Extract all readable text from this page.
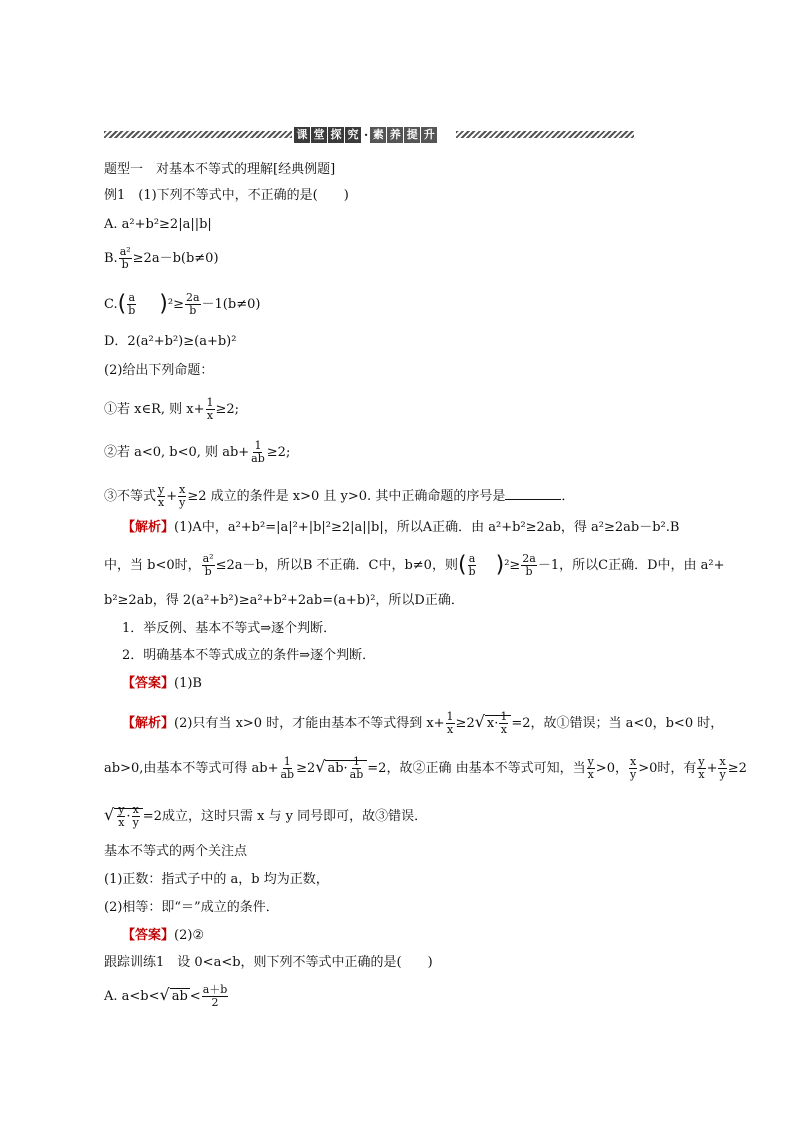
课 堂 探 究 · 素 养 提 升
题型一　对基本不等式的理解[经典例题]
例1　(1)下列不等式中，不正确的是(　　)
A. a²+b²≥2|a||b|
B. $\frac{\text{a²}}{b} \ge 2a-b(b\ne 0)$
$C.( \frac{a}{b} )^2\ge \frac{2a}{b} -1(b\ne 0)$
D．2(a²+b²)≥(a+b)²
(2)给出下列命题：
①若 x∈R, 则 $x+ \frac{1}{x} \ge 2$;
②若 a<0, b<0, 则 $ab+ \frac{1}{ab} \ge 2$;
③不等式 $\frac{y}{x} + \frac{x}{y} \ge 2$ 成立的条件是 x>0 且 y>0. 其中正确命题的序号是	．
【解析】(1)A中，a²+b²=|a|²+|b|²≥2|a||b|，所以A正确．由 a²+b²≥2ab，得 a²≥2ab－b².B
中，当 b<0时， $\frac{\text{a²}}{b} \le 2a-b$，所以B 不正确．C中，b≠0，则( $\frac{a}{b} )^2\ge \frac{2a}{b} -1$，所以C正确．D中，由 a²+
b²≥2ab，得 2(a²+b²)≥a²+b²+2ab=(a+b)²，所以D正确．
1．举反例、基本不等式⇒逐个判断．
2．明确基本不等式成立的条件⇒逐个判断．
【答案】(1)B
【解析】(2)只有当 x>0 时，才能由基本不等式得到 $x+ \frac{1}{x} \ge 2√$ $x\cdot \frac{1}{x} =2$，故①错误；当 a<0，b<0 时，
ab>0,由基本不等式可得 $ab+ \frac{1}{ab} \ge 2√$ $ab\cdot \frac{1}{ab} =2$，故②正确 由基本不等式可知，当 $\frac{y}{x} >0$， $\frac{x}{y} >0$时，有 $\frac{y}{x} + \frac{x}{y} \ge 2$
√ $\frac{y}{x} \cdot \frac{x}{y} =2$成立，这时只需 x 与 y 同号即可，故③错误．
基本不等式的两个关注点
(1)正数：指式子中的 a，b 均为正数，
(2)相等：即“＝”成立的条件．
【答案】(2)②
跟踪训练1　设 0<a<b，则下列不等式中正确的是(　　)
A. a<b<√ ab < $\frac{a+b}{2}$
